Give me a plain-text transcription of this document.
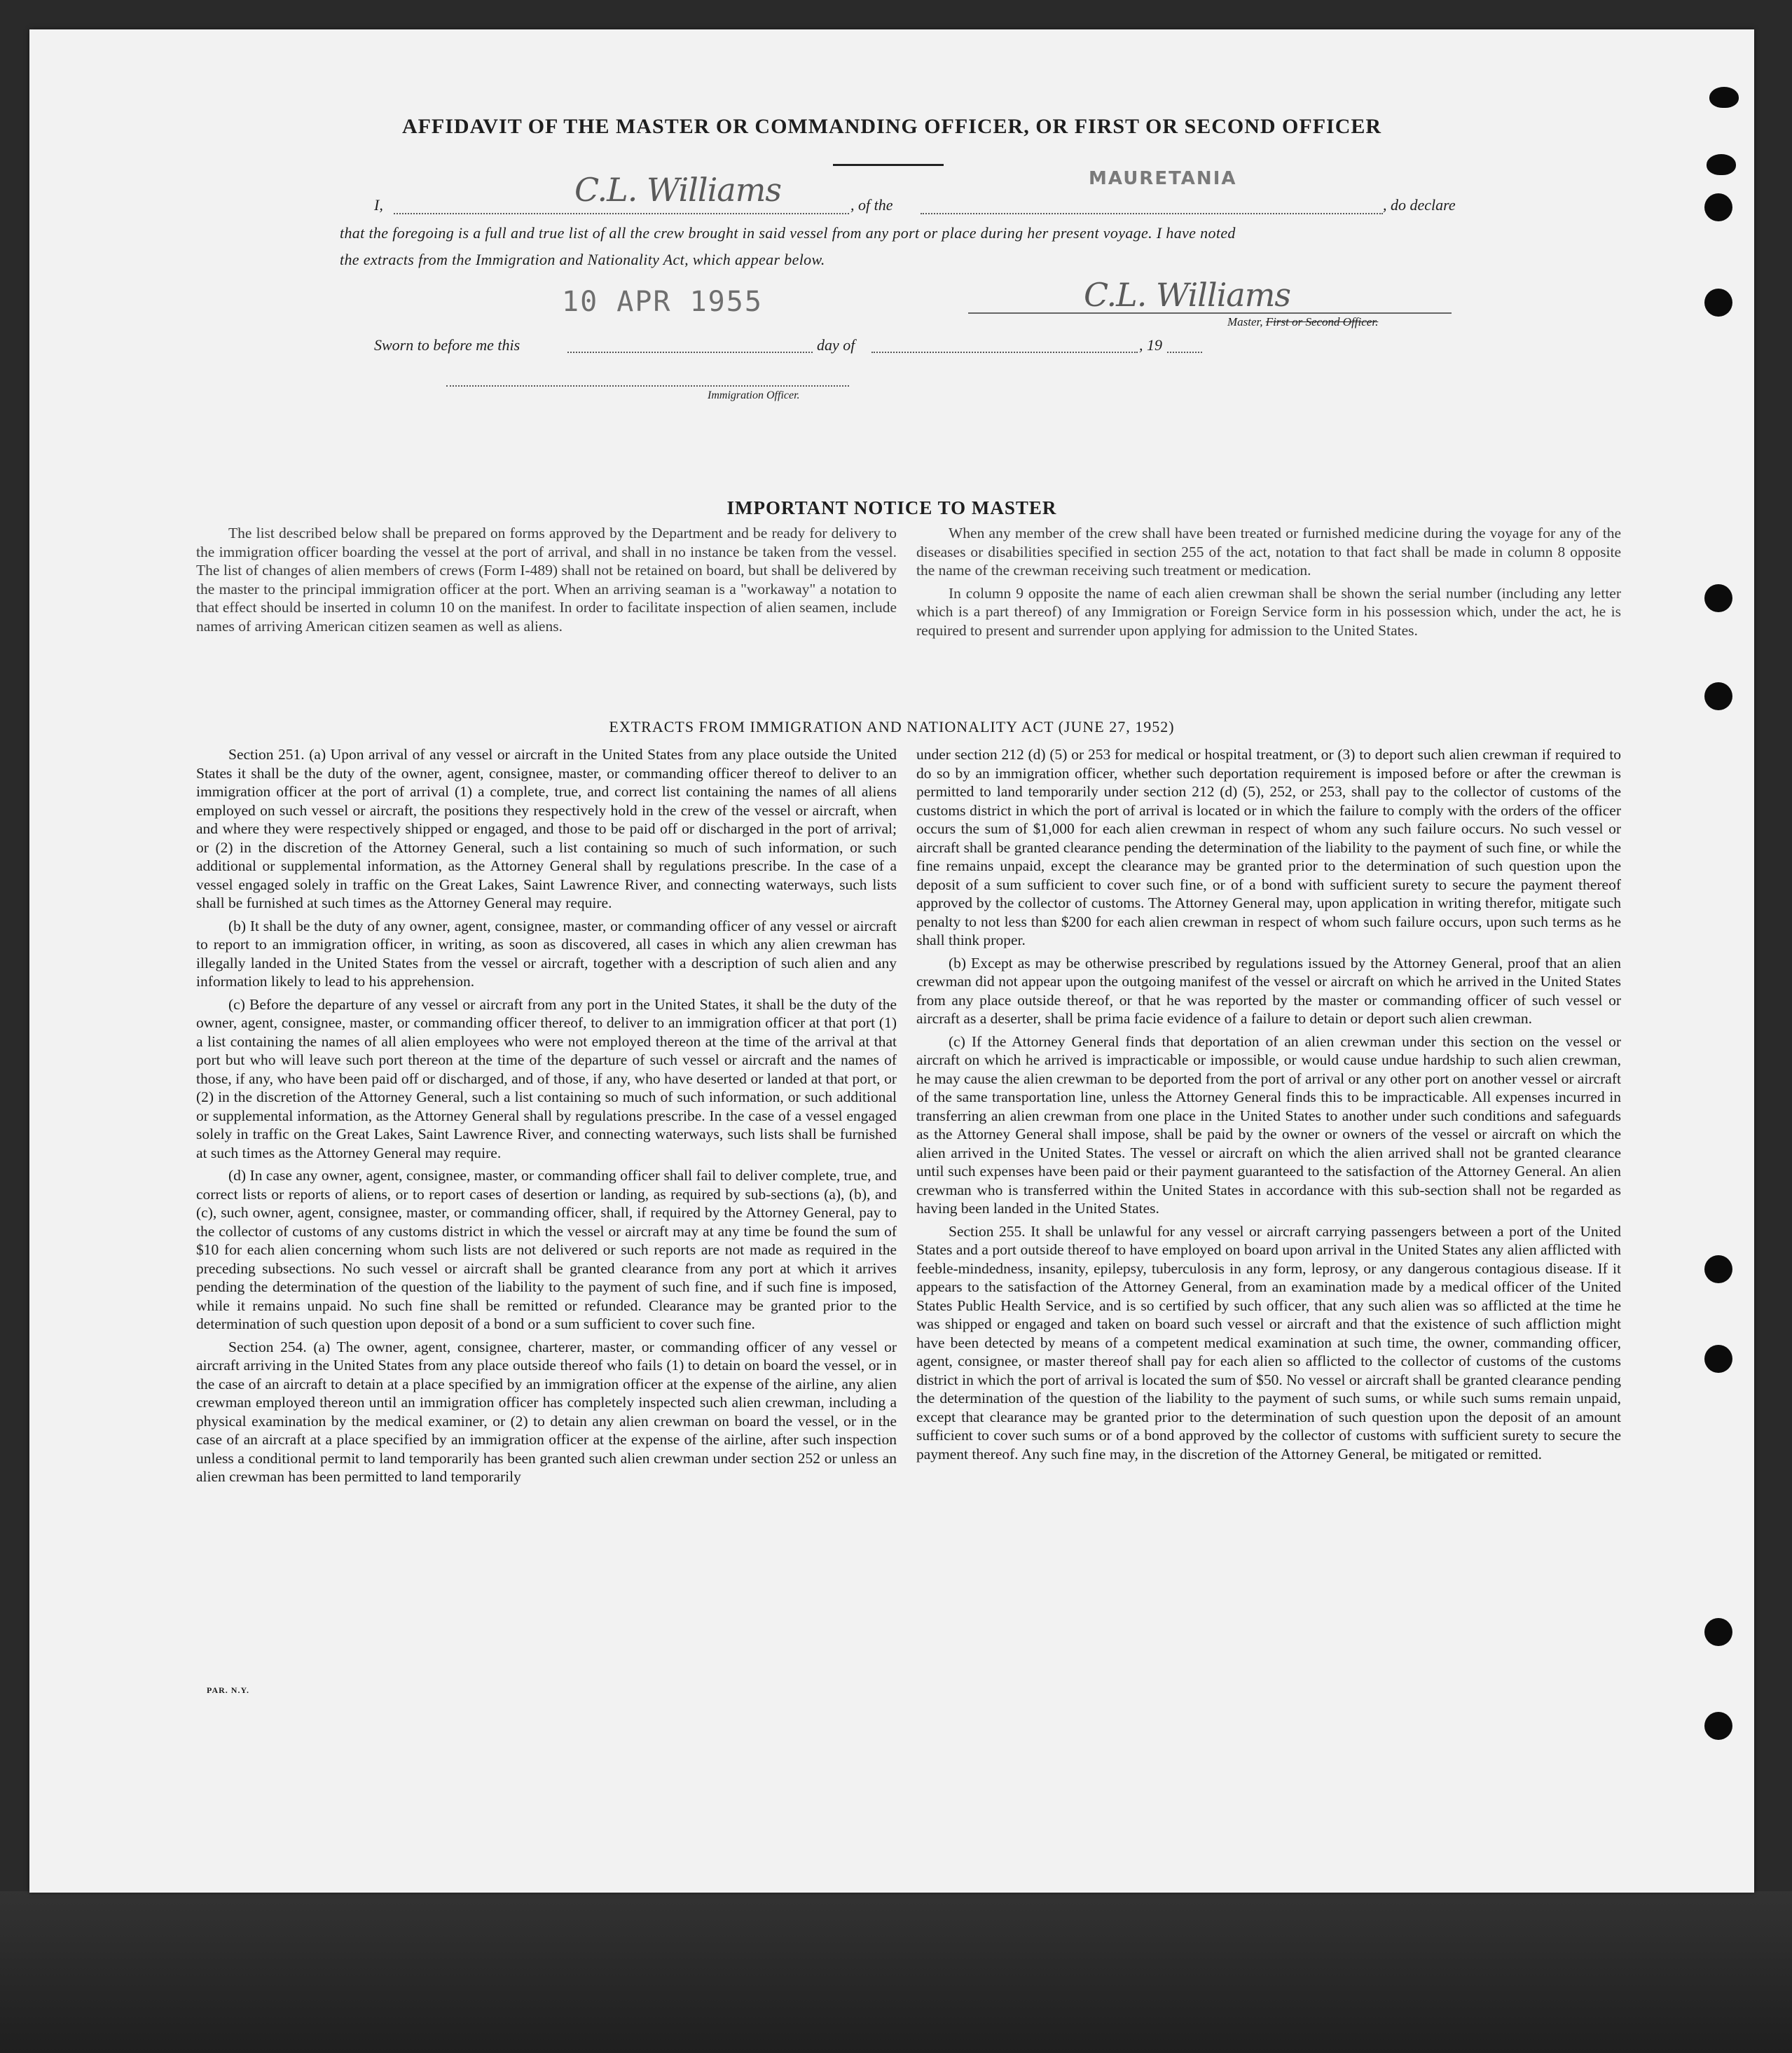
AFFIDAVIT OF THE MASTER OR COMMANDING OFFICER, OR FIRST OR SECOND OFFICER
I,	C.L. Williams	, of the
MAURETANIA
, do declare
that the foregoing is a full and true list of all the crew brought in said vessel from any port or place during her present voyage. I have noted
the extracts from the Immigration and Nationality Act, which appear below.
10 APR 1955	C.L. Williams
Master, First or Second Officer.
Sworn to before me this	day of	, 19
Immigration Officer.
IMPORTANT NOTICE TO MASTER

The list described below shall be prepared on forms approved by the Department and be ready for delivery to the immigration officer boarding the vessel at the port of arrival, and shall in no instance be taken from the vessel. The list of changes of alien members of crews (Form I-489) shall not be retained on board, but shall be delivered by the master to the principal immigration officer at the port. When an arriving seaman is a "workaway" a notation to that effect should be inserted in column 10 on the manifest. In order to facilitate inspection of alien seamen, include names of arriving American citizen seamen as well as aliens.

When any member of the crew shall have been treated or furnished medicine during the voyage for any of the diseases or disabilities specified in section 255 of the act, notation to that fact shall be made in column 8 opposite the name of the crewman receiving such treatment or medication.

In column 9 opposite the name of each alien crewman shall be shown the serial number (including any letter which is a part thereof) of any Immigration or Foreign Service form in his possession which, under the act, he is required to present and surrender upon applying for admission to the United States.

EXTRACTS FROM IMMIGRATION AND NATIONALITY ACT (JUNE 27, 1952)

Section 251. (a) Upon arrival of any vessel or aircraft in the United States from any place outside the United States it shall be the duty of the owner, agent, consignee, master, or commanding officer thereof to deliver to an immigration officer at the port of arrival (1) a complete, true, and correct list containing the names of all aliens employed on such vessel or aircraft, the positions they respectively hold in the crew of the vessel or aircraft, when and where they were respectively shipped or engaged, and those to be paid off or discharged in the port of arrival; or (2) in the discretion of the Attorney General, such a list containing so much of such information, or such additional or supplemental information, as the Attorney General shall by regulations prescribe. In the case of a vessel engaged solely in traffic on the Great Lakes, Saint Lawrence River, and connecting waterways, such lists shall be furnished at such times as the Attorney General may require.

(b) It shall be the duty of any owner, agent, consignee, master, or commanding officer of any vessel or aircraft to report to an immigration officer, in writing, as soon as discovered, all cases in which any alien crewman has illegally landed in the United States from the vessel or aircraft, together with a description of such alien and any information likely to lead to his apprehension.

(c) Before the departure of any vessel or aircraft from any port in the United States, it shall be the duty of the owner, agent, consignee, master, or commanding officer thereof, to deliver to an immigration officer at that port (1) a list containing the names of all alien employees who were not employed thereon at the time of the arrival at that port but who will leave such port thereon at the time of the departure of such vessel or aircraft and the names of those, if any, who have been paid off or discharged, and of those, if any, who have deserted or landed at that port, or (2) in the discretion of the Attorney General, such a list containing so much of such information, or such additional or supplemental information, as the Attorney General shall by regulations prescribe. In the case of a vessel engaged solely in traffic on the Great Lakes, Saint Lawrence River, and connecting waterways, such lists shall be furnished at such times as the Attorney General may require.

(d) In case any owner, agent, consignee, master, or commanding officer shall fail to deliver complete, true, and correct lists or reports of aliens, or to report cases of desertion or landing, as required by sub-sections (a), (b), and (c), such owner, agent, consignee, master, or commanding officer, shall, if required by the Attorney General, pay to the collector of customs of any customs district in which the vessel or aircraft may at any time be found the sum of $10 for each alien concerning whom such lists are not delivered or such reports are not made as required in the preceding subsections. No such vessel or aircraft shall be granted clearance from any port at which it arrives pending the determination of the question of the liability to the payment of such fine, and if such fine is imposed, while it remains unpaid. No such fine shall be remitted or refunded. Clearance may be granted prior to the determination of such question upon deposit of a bond or a sum sufficient to cover such fine.

Section 254. (a) The owner, agent, consignee, charterer, master, or commanding officer of any vessel or aircraft arriving in the United States from any place outside thereof who fails (1) to detain on board the vessel, or in the case of an aircraft to detain at a place specified by an immigration officer at the expense of the airline, any alien crewman employed thereon until an immigration officer has completely inspected such alien crewman, including a physical examination by the medical examiner, or (2) to detain any alien crewman on board the vessel, or in the case of an aircraft at a place specified by an immigration officer at the expense of the airline, after such inspection unless a conditional permit to land temporarily has been granted such alien crewman under section 252 or unless an alien crewman has been permitted to land temporarily

under section 212 (d) (5) or 253 for medical or hospital treatment, or (3) to deport such alien crewman if required to do so by an immigration officer, whether such deportation requirement is imposed before or after the crewman is permitted to land temporarily under section 212 (d) (5), 252, or 253, shall pay to the collector of customs of the customs district in which the port of arrival is located or in which the failure to comply with the orders of the officer occurs the sum of $1,000 for each alien crewman in respect of whom any such failure occurs. No such vessel or aircraft shall be granted clearance pending the determination of the liability to the payment of such fine, or while the fine remains unpaid, except the clearance may be granted prior to the determination of such question upon the deposit of a sum sufficient to cover such fine, or of a bond with sufficient surety to secure the payment thereof approved by the collector of customs. The Attorney General may, upon application in writing therefor, mitigate such penalty to not less than $200 for each alien crewman in respect of whom such failure occurs, upon such terms as he shall think proper.

(b) Except as may be otherwise prescribed by regulations issued by the Attorney General, proof that an alien crewman did not appear upon the outgoing manifest of the vessel or aircraft on which he arrived in the United States from any place outside thereof, or that he was reported by the master or commanding officer of such vessel or aircraft as a deserter, shall be prima facie evidence of a failure to detain or deport such alien crewman.

(c) If the Attorney General finds that deportation of an alien crewman under this section on the vessel or aircraft on which he arrived is impracticable or impossible, or would cause undue hardship to such alien crewman, he may cause the alien crewman to be deported from the port of arrival or any other port on another vessel or aircraft of the same transportation line, unless the Attorney General finds this to be impracticable. All expenses incurred in transferring an alien crewman from one place in the United States to another under such conditions and safeguards as the Attorney General shall impose, shall be paid by the owner or owners of the vessel or aircraft on which the alien arrived in the United States. The vessel or aircraft on which the alien arrived shall not be granted clearance until such expenses have been paid or their payment guaranteed to the satisfaction of the Attorney General. An alien crewman who is transferred within the United States in accordance with this sub-section shall not be regarded as having been landed in the United States.

Section 255. It shall be unlawful for any vessel or aircraft carrying passengers between a port of the United States and a port outside thereof to have employed on board upon arrival in the United States any alien afflicted with feeble-mindedness, insanity, epilepsy, tuberculosis in any form, leprosy, or any dangerous contagious disease. If it appears to the satisfaction of the Attorney General, from an examination made by a medical officer of the United States Public Health Service, and is so certified by such officer, that any such alien was so afflicted at the time he was shipped or engaged and taken on board such vessel or aircraft and that the existence of such affliction might have been detected by means of a competent medical examination at such time, the owner, commanding officer, agent, consignee, or master thereof shall pay for each alien so afflicted to the collector of customs of the customs district in which the port of arrival is located the sum of $50. No vessel or aircraft shall be granted clearance pending the determination of the question of the liability to the payment of such sums, or while such sums remain unpaid, except that clearance may be granted prior to the determination of such question upon the deposit of an amount sufficient to cover such sums or of a bond approved by the collector of customs with sufficient surety to secure the payment thereof. Any such fine may, in the discretion of the Attorney General, be mitigated or remitted.

PAR. N.Y.
